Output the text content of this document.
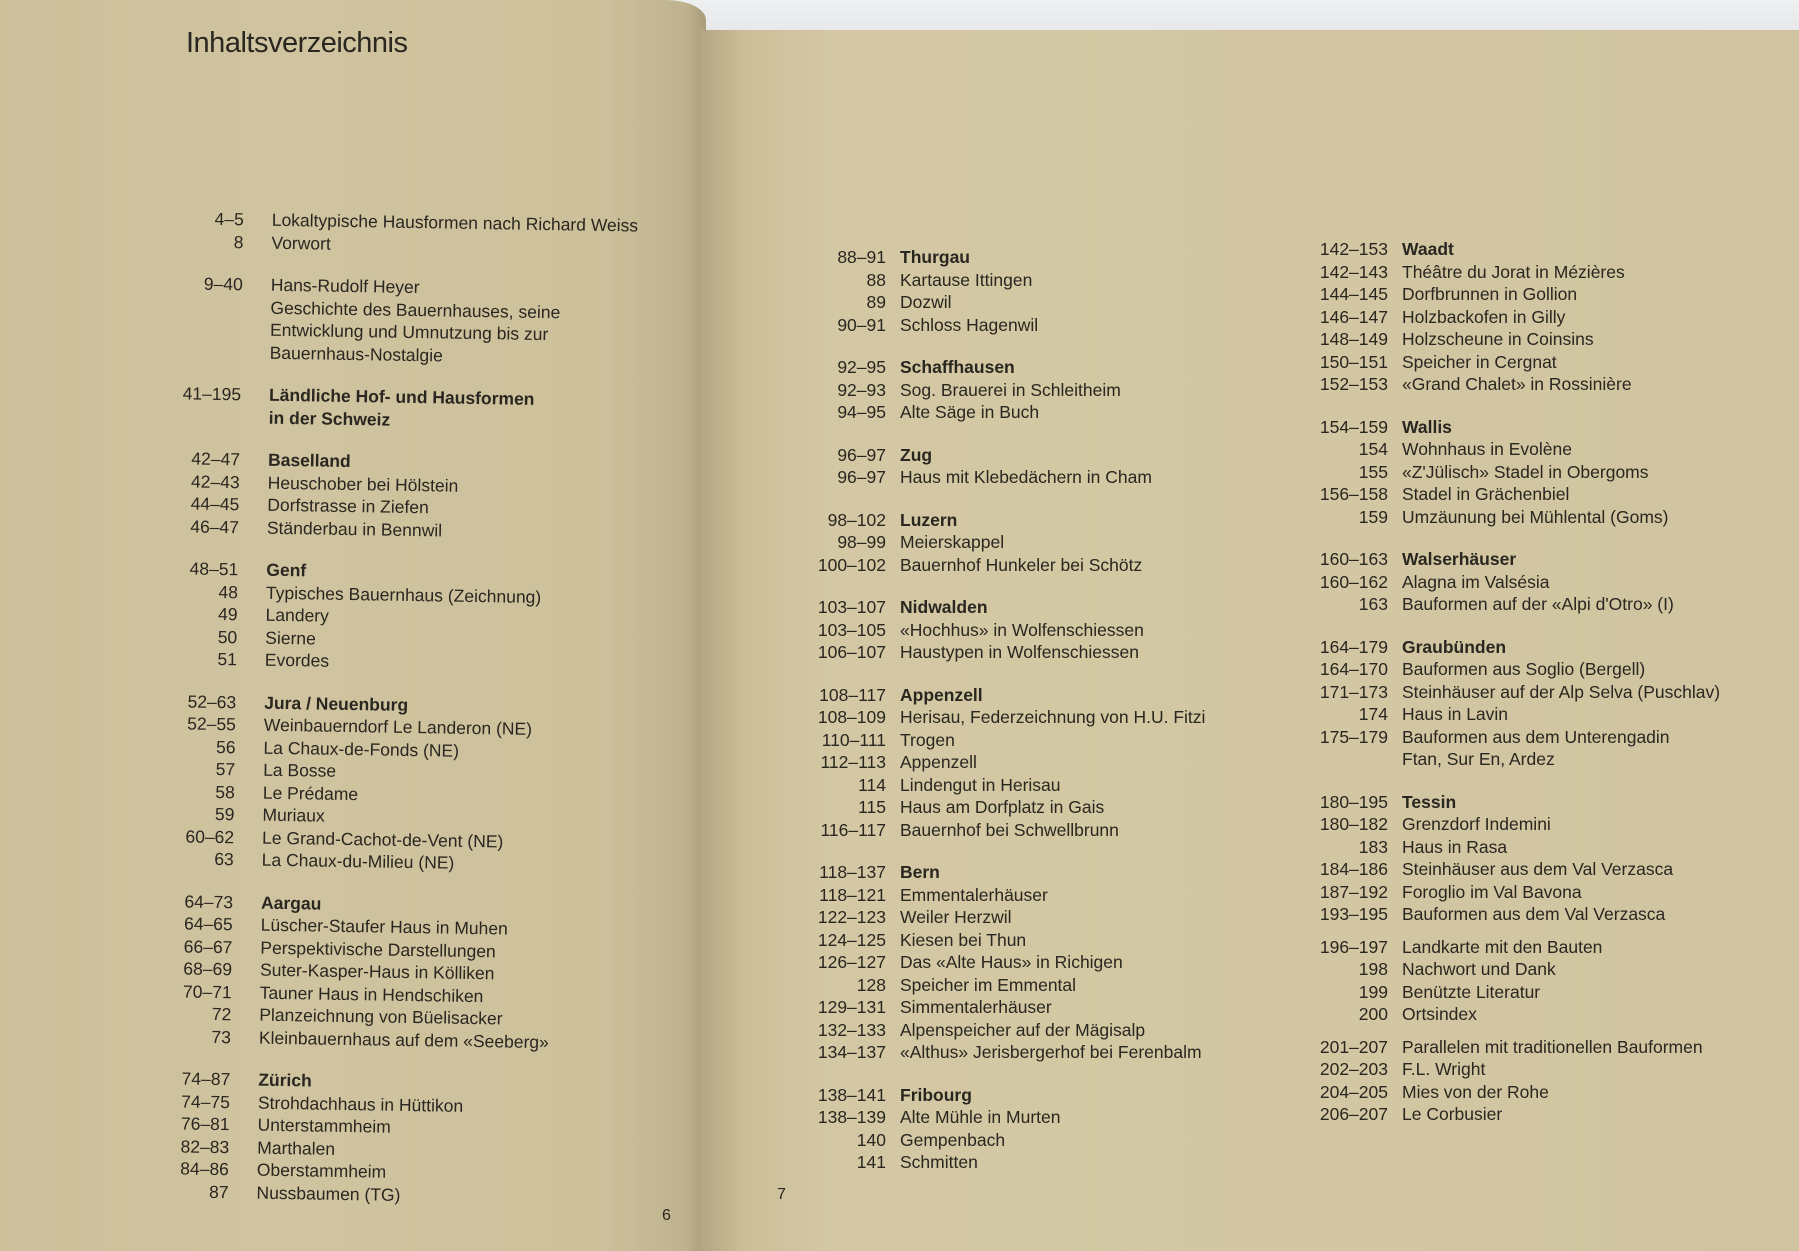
Inhaltsverzeichnis
4–5 Lokaltypische Hausformen nach Richard Weiss
8 Vorwort
9–40 Hans-Rudolf Heyer
Geschichte des Bauernhauses, seine
Entwicklung und Umnutzung bis zur
Bauernhaus-Nostalgie
41–195 Ländliche Hof- und Hausformen
in der Schweiz
42–47 Baselland
42–43 Heuschober bei Hölstein
44–45 Dorfstrasse in Ziefen
46–47 Ständerbau in Bennwil
48–51 Genf
48 Typisches Bauernhaus (Zeichnung)
49 Landery
50 Sierne
51 Evordes
52–63 Jura / Neuenburg
52–55 Weinbauerndorf Le Landeron (NE)
56 La Chaux-de-Fonds (NE)
57 La Bosse
58 Le Prédame
59 Muriaux
60–62 Le Grand-Cachot-de-Vent (NE)
63 La Chaux-du-Milieu (NE)
64–73 Aargau
64–65 Lüscher-Staufer Haus in Muhen
66–67 Perspektivische Darstellungen
68–69 Suter-Kasper-Haus in Kölliken
70–71 Tauner Haus in Hendschiken
72 Planzeichnung von Büelisacker
73 Kleinbauernhaus auf dem «Seeberg»
74–87 Zürich
74–75 Strohdachhaus in Hüttikon
76–81 Unterstammheim
82–83 Marthalen
84–86 Oberstammheim
87 Nussbaumen (TG)
88–91 Thurgau
88 Kartause Ittingen
89 Dozwil
90–91 Schloss Hagenwil
92–95 Schaffhausen
92–93 Sog. Brauerei in Schleitheim
94–95 Alte Säge in Buch
96–97 Zug
96–97 Haus mit Klebedächern in Cham
98–102 Luzern
98–99 Meierskappel
100–102 Bauernhof Hunkeler bei Schötz
103–107 Nidwalden
103–105 «Hochhus» in Wolfenschiessen
106–107 Haustypen in Wolfenschiessen
108–117 Appenzell
108–109 Herisau, Federzeichnung von H.U. Fitzi
110–111 Trogen
112–113 Appenzell
114 Lindengut in Herisau
115 Haus am Dorfplatz in Gais
116–117 Bauernhof bei Schwellbrunn
118–137 Bern
118–121 Emmentalerhäuser
122–123 Weiler Herzwil
124–125 Kiesen bei Thun
126–127 Das «Alte Haus» in Richigen
128 Speicher im Emmental
129–131 Simmentalerhäuser
132–133 Alpenspeicher auf der Mägisalp
134–137 «Althus» Jerisbergerhof bei Ferenbalm
138–141 Fribourg
138–139 Alte Mühle in Murten
140 Gempenbach
141 Schmitten
142–153 Waadt
142–143 Théâtre du Jorat in Mézières
144–145 Dorfbrunnen in Gollion
146–147 Holzbackofen in Gilly
148–149 Holzscheune in Coinsins
150–151 Speicher in Cergnat
152–153 «Grand Chalet» in Rossinière
154–159 Wallis
154 Wohnhaus in Evolène
155 «Z'Jülisch» Stadel in Obergoms
156–158 Stadel in Grächenbiel
159 Umzäunung bei Mühlental (Goms)
160–163 Walserhäuser
160–162 Alagna im Valsésia
163 Bauformen auf der «Alpi d'Otro» (I)
164–179 Graubünden
164–170 Bauformen aus Soglio (Bergell)
171–173 Steinhäuser auf der Alp Selva (Puschlav)
174 Haus in Lavin
175–179 Bauformen aus dem Unterengadin
Ftan, Sur En, Ardez
180–195 Tessin
180–182 Grenzdorf Indemini
183 Haus in Rasa
184–186 Steinhäuser aus dem Val Verzasca
187–192 Foroglio im Val Bavona
193–195 Bauformen aus dem Val Verzasca
196–197 Landkarte mit den Bauten
198 Nachwort und Dank
199 Benützte Literatur
200 Ortsindex
201–207 Parallelen mit traditionellen Bauformen
202–203 F.L. Wright
204–205 Mies von der Rohe
206–207 Le Corbusier
6
7
